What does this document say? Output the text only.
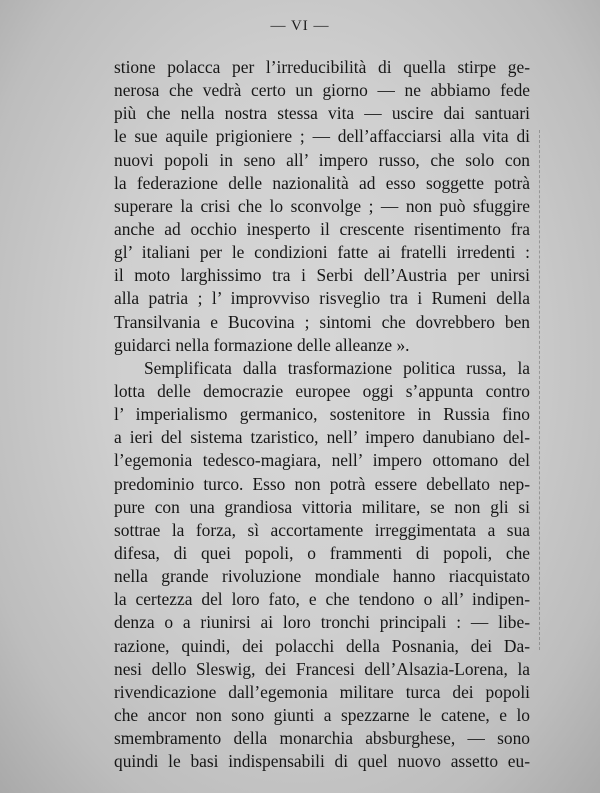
— VI —
stione polacca per l’irreducibilità di quella stirpe ge-
nerosa che vedrà certo un giorno — ne abbiamo fede
più che nella nostra stessa vita — uscire dai santuari
le sue aquile prigioniere ; — dell’affacciarsi alla vita di
nuovi popoli in seno all’ impero russo, che solo con
la federazione delle nazionalità ad esso soggette potrà
superare la crisi che lo sconvolge ; — non può sfuggire
anche ad occhio inesperto il crescente risentimento fra
gl’ italiani per le condizioni fatte ai fratelli irredenti :
il moto larghissimo tra i Serbi dell’Austria per unirsi
alla patria ; l’ improvviso risveglio tra i Rumeni della
Transilvania e Bucovina ; sintomi che dovrebbero ben
guidarci nella formazione delle alleanze ».
Semplificata dalla trasformazione politica russa, la
lotta delle democrazie europee oggi s’appunta contro
l’ imperialismo germanico, sostenitore in Russia fino
a ieri del sistema tzaristico, nell’ impero danubiano del-
l’egemonia tedesco-magiara, nell’ impero ottomano del
predominio turco. Esso non potrà essere debellato nep-
pure con una grandiosa vittoria militare, se non gli si
sottrae la forza, sì accortamente irreggimentata a sua
difesa, di quei popoli, o frammenti di popoli, che
nella grande rivoluzione mondiale hanno riacquistato
la certezza del loro fato, e che tendono o all’ indipen-
denza o a riunirsi ai loro tronchi principali : — libe-
razione, quindi, dei polacchi della Posnania, dei Da-
nesi dello Sleswig, dei Francesi dell’Alsazia-Lorena, la
rivendicazione dall’egemonia militare turca dei popoli
che ancor non sono giunti a spezzarne le catene, e lo
smembramento della monarchia absburghese, — sono
quindi le basi indispensabili di quel nuovo assetto eu-
